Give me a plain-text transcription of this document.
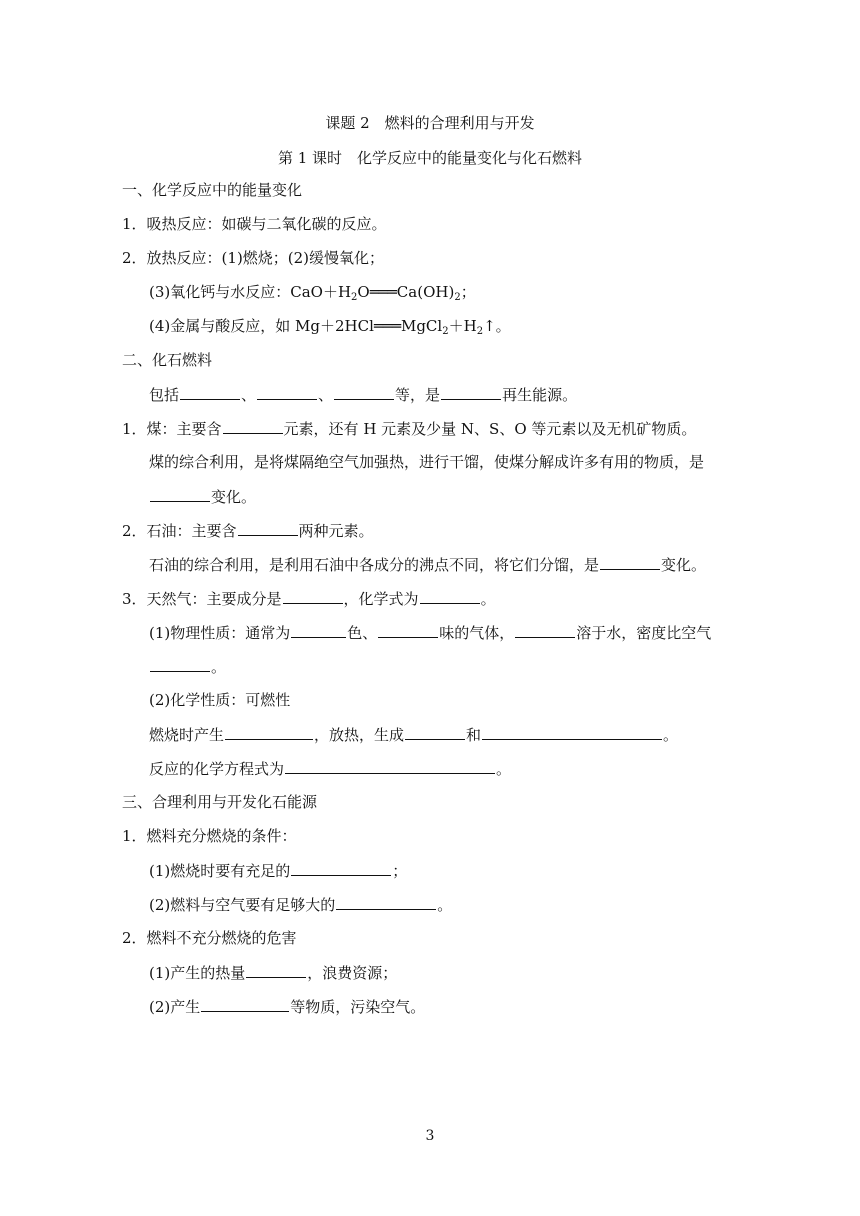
课题 2　燃料的合理利用与开发
第 1 课时　化学反应中的能量变化与化石燃料
一、化学反应中的能量变化
1．吸热反应：如碳与二氧化碳的反应。
2．放热反应：(1)燃烧；(2)缓慢氧化；
(3)氧化钙与水反应：$CaO+H_2O═══Ca(OH)_2$；
(4)金属与酸反应，如 $Mg+2HCl═══MgCl_2+H_2↑$。
二、化石燃料
包括	、	、	等，是	再生能源。
1．煤：主要含	元素，还有 H 元素及少量 N、S、O 等元素以及无机矿物质。
煤的综合利用，是将煤隔绝空气加强热，进行干馏，使煤分解成许多有用的物质，是
变化。
2．石油：主要含	两种元素。
石油的综合利用，是利用石油中各成分的沸点不同，将它们分馏，是	变化。
3．天然气：主要成分是	，化学式为	。
(1)物理性质：通常为	色、	味的气体，	溶于水，密度比空气
。
(2)化学性质：可燃性
燃烧时产生	，放热，生成	和	。
反应的化学方程式为	。
三、合理利用与开发化石能源
1．燃料充分燃烧的条件：
(1)燃烧时要有充足的	；
(2)燃料与空气要有足够大的	。
2．燃料不充分燃烧的危害
(1)产生的热量	，浪费资源；
(2)产生	等物质，污染空气。
3
